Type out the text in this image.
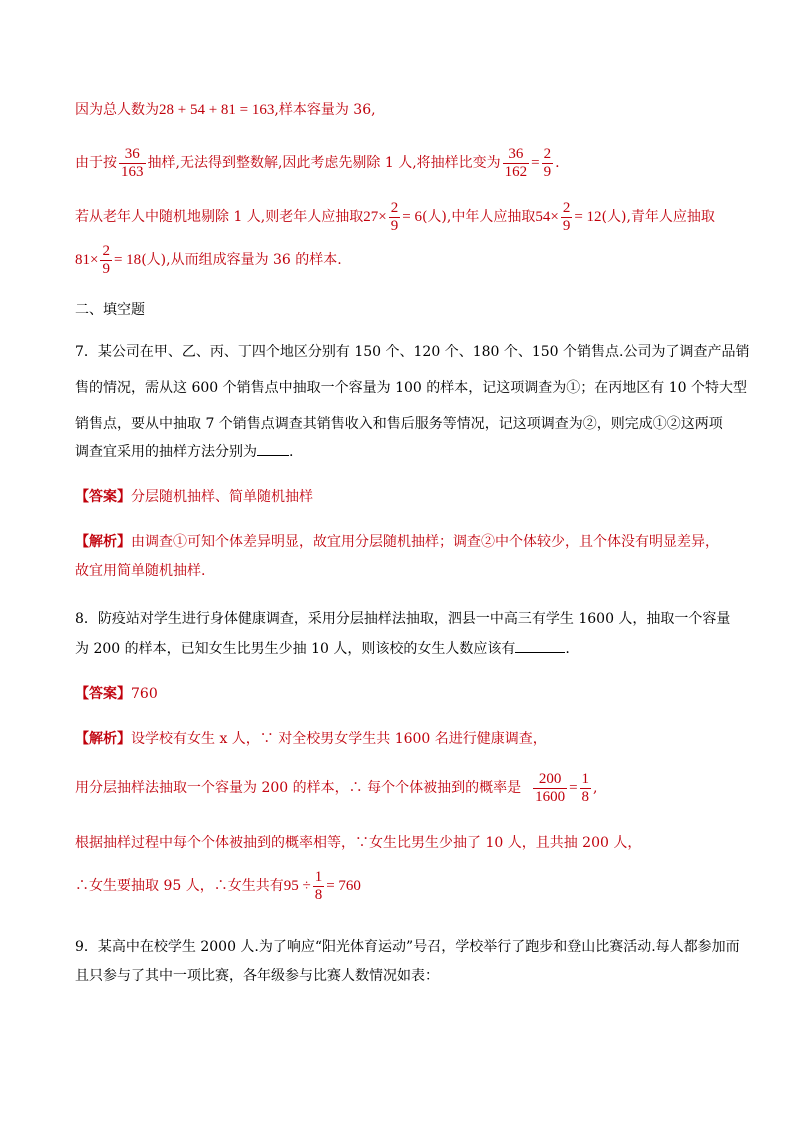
因为总人数为28 + 54 + 81 = 163,样本容量为 36,
由于按 $\frac{36}{163}$ 抽样,无法得到整数解,因此考虑先剔除 1 人,将抽样比变为 $\frac{36}{162} = \frac{2}{9}$ .
若从老年人中随机地剔除 1 人,则老年人应抽取$27\times \frac{2}{9} = 6$(人),中年人应抽取$54\times \frac{2}{9} = 12$(人),青年人应抽取
$81\times \frac{2}{9} = 18$(人),从而组成容量为 36 的样本.
二、填空题
7．某公司在甲、乙、丙、丁四个地区分别有 150 个、120 个、180 个、150 个销售点.公司为了调查产品销
售的情况，需从这 600 个销售点中抽取一个容量为 100 的样本，记这项调查为①；在丙地区有 10 个特大型
销售点，要从中抽取 7 个销售点调查其销售收入和售后服务等情况，记这项调查为②，则完成①②这两项
调查宜采用的抽样方法分别为 .
【答案】分层随机抽样、简单随机抽样
【解析】由调查①可知个体差异明显，故宜用分层随机抽样；调查②中个体较少，且个体没有明显差异，
故宜用简单随机抽样.
8．防疫站对学生进行身体健康调查，采用分层抽样法抽取，泗县一中高三有学生 1600 人，抽取一个容量
为 200 的样本，已知女生比男生少抽 10 人，则该校的女生人数应该有	.
【答案】760
【解析】设学校有女生 x 人，∵ 对全校男女学生共 1600 名进行健康调查，
用分层抽样法抽取一个容量为 200 的样本，∴ 每个个体被抽到的概率是 $\frac{200}{1600} = \frac{1}{8}$ ,
根据抽样过程中每个个体被抽到的概率相等，∵女生比男生少抽了 10 人，且共抽 200 人，
∴女生要抽取 95 人，∴女生共有$95 \div \frac{1}{8} = 760$
9．某高中在校学生 2000 人.为了响应“阳光体育运动”号召，学校举行了跑步和登山比赛活动.每人都参加而
且只参与了其中一项比赛，各年级参与比赛人数情况如表：
